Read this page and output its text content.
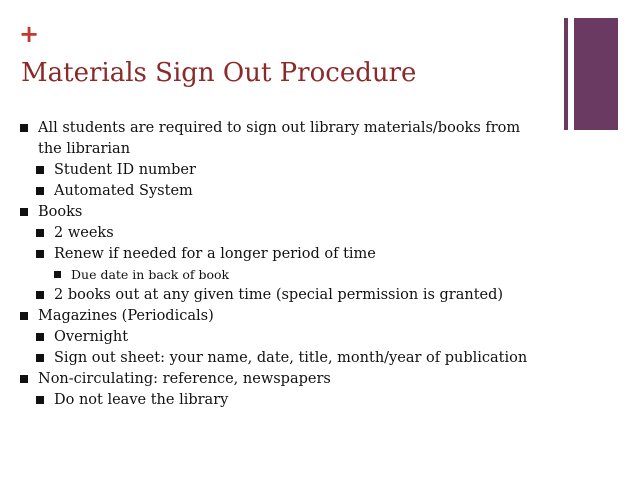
+
Materials Sign Out Procedure
All students are required to sign out library materials/books from the librarian
Student ID number
Automated System
Books
2 weeks
Renew if needed for a longer period of time
Due date in back of book
2 books out at any given time (special permission is granted)
Magazines (Periodicals)
Overnight
Sign out sheet: your name, date, title, month/year of publication
Non-circulating: reference, newspapers
Do not leave the library
